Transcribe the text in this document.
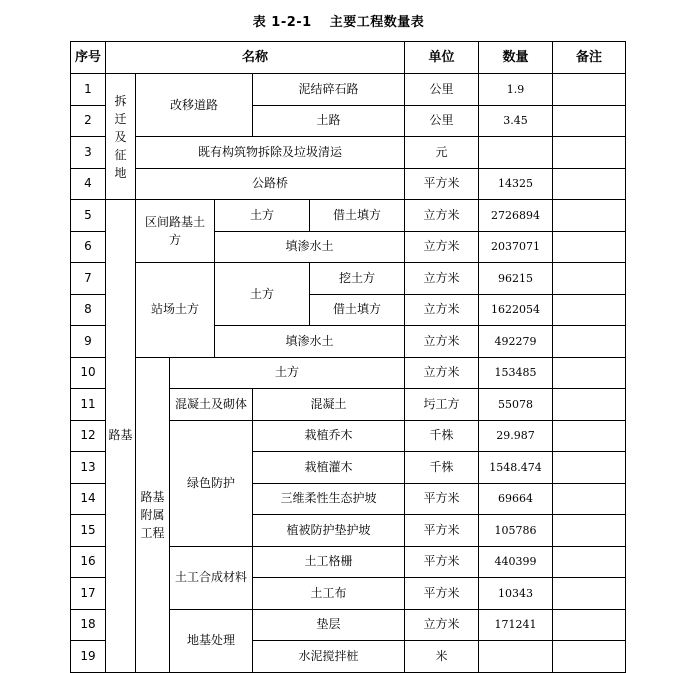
表 1-2-1 主要工程数量表
序号	名称						单位	数量	备注
1	拆迁及征地	改移道路			泥结碎石路		公里	1.9	
2					土路		公里	3.45	
3		既有构筑物拆除及垃圾清运					元		
4		公路桥					平方米	14325	
5	路基	区间路基土方		土方		借土填方	立方米	2726894	
6				填渗水土			立方米	2037071	
7		站场土方		土方		挖土方	立方米	96215	
8						借土填方	立方米	1622054	
9				填渗水土			立方米	492279	
10		路基附属工程	土方				立方米	153485	
11			混凝土及砌体		混凝土		圬工方	55078	
12			绿色防护		栽植乔木		千株	29.987	
13					栽植灌木		千株	1548.474	
14					三维柔性生态护坡		平方米	69664	
15					植被防护垫护坡		平方米	105786	
16			土工合成材料		土工格栅		平方米	440399	
17					土工布		平方米	10343	
18			地基处理		垫层		立方米	171241	
19					水泥搅拌桩		米		
